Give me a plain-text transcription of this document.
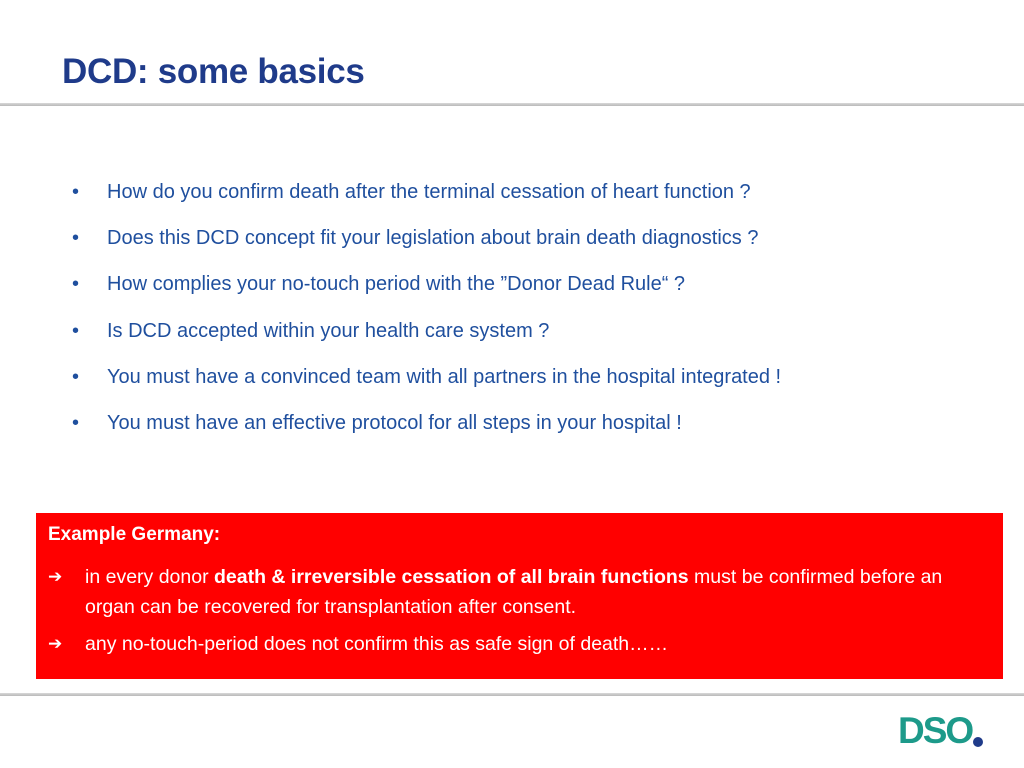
DCD: some basics
• How do you confirm death after the terminal cessation of heart function ?
• Does this DCD concept fit your legislation about brain death diagnostics ?
• How complies your no-touch period with the ”Donor Dead Rule“ ?
• Is DCD accepted within your health care system ?
• You must have a convinced team with all partners in the hospital integrated !
• You must have an effective protocol for all steps in your hospital !
Example Germany:
➔ in every donor death & irreversible cessation of all brain functions must be confirmed before an organ can be recovered for transplantation after consent.
➔ any no-touch-period does not confirm this as safe sign of death……
DSO
